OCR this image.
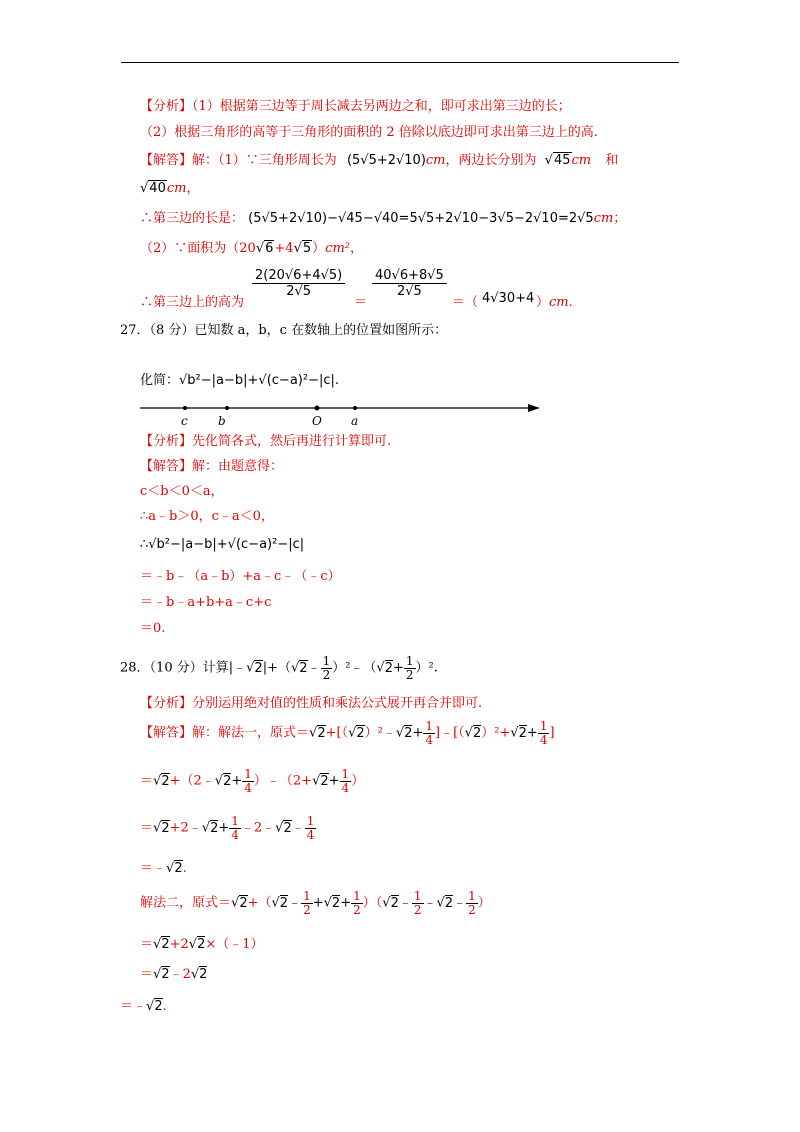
【分析】（1）根据第三边等于周长减去另两边之和，即可求出第三边的长；
（2）根据三角形的高等于三角形的面积的 2 倍除以底边即可求出第三边上的高.
【解答】解：（1）∵三角形周长为 (5√5+2√10)cm，两边长分别为 √45cm 和
√40cm，
∴第三边的长是： (5√5+2√10)−√45−√40=5√5+2√10−3√5−2√10=2√5cm；
（2）∵面积为（20√6+4√5）cm²，
∴第三边上的高为
$\frac{2(20√6+4√5)}{2√5}$
＝
$\frac{40√6+8√5}{2√5}$
＝（ 4√30+4 ）cm.
27．（8 分）已知数 a，b，c 在数轴上的位置如图所示：
化简：√b²−|a−b|+√(c−a)²−|c|.
c	b	O a
【分析】先化简各式，然后再进行计算即可.
【解答】解：由题意得：
c＜b＜0＜a，
∴a﹣b＞0，c﹣a＜0，
∴√b²−|a−b|+√(c−a)²−|c|
＝﹣b﹣（a﹣b）+a﹣c﹣（﹣c）
＝﹣b﹣a+b+a﹣c+c
＝0.
28．（10 分）计算|﹣√2|+（√2﹣ $\frac{1}{2}$ ）²﹣（√2+ $\frac{1}{2} )^2$.
【分析】分别运用绝对值的性质和乘法公式展开再合并即可.
【解答】解：解法一，原式＝√2+[（√2）²﹣√2+ $\frac{1}{4}$ ]﹣[（√2）²+√2+ $\frac{1}{4}$ ]
＝√2+（2﹣√2+ $\frac{1}{4}$ ）﹣（2+√2+ $\frac{1}{4}$ ）
＝√2+2﹣√2+ $\frac{1}{4}$ ﹣2﹣√2﹣ $\frac{1}{4}$
＝﹣√2.
解法二，原式＝√2+（√2﹣ $\frac{1}{2} +√2+ \frac{1}{2}$ ）（√2﹣ $\frac{1}{2}$ ﹣√2﹣ $\frac{1}{2}$ ）
＝√2+2√2×（﹣1）
＝√2﹣2√2
＝﹣√2.
